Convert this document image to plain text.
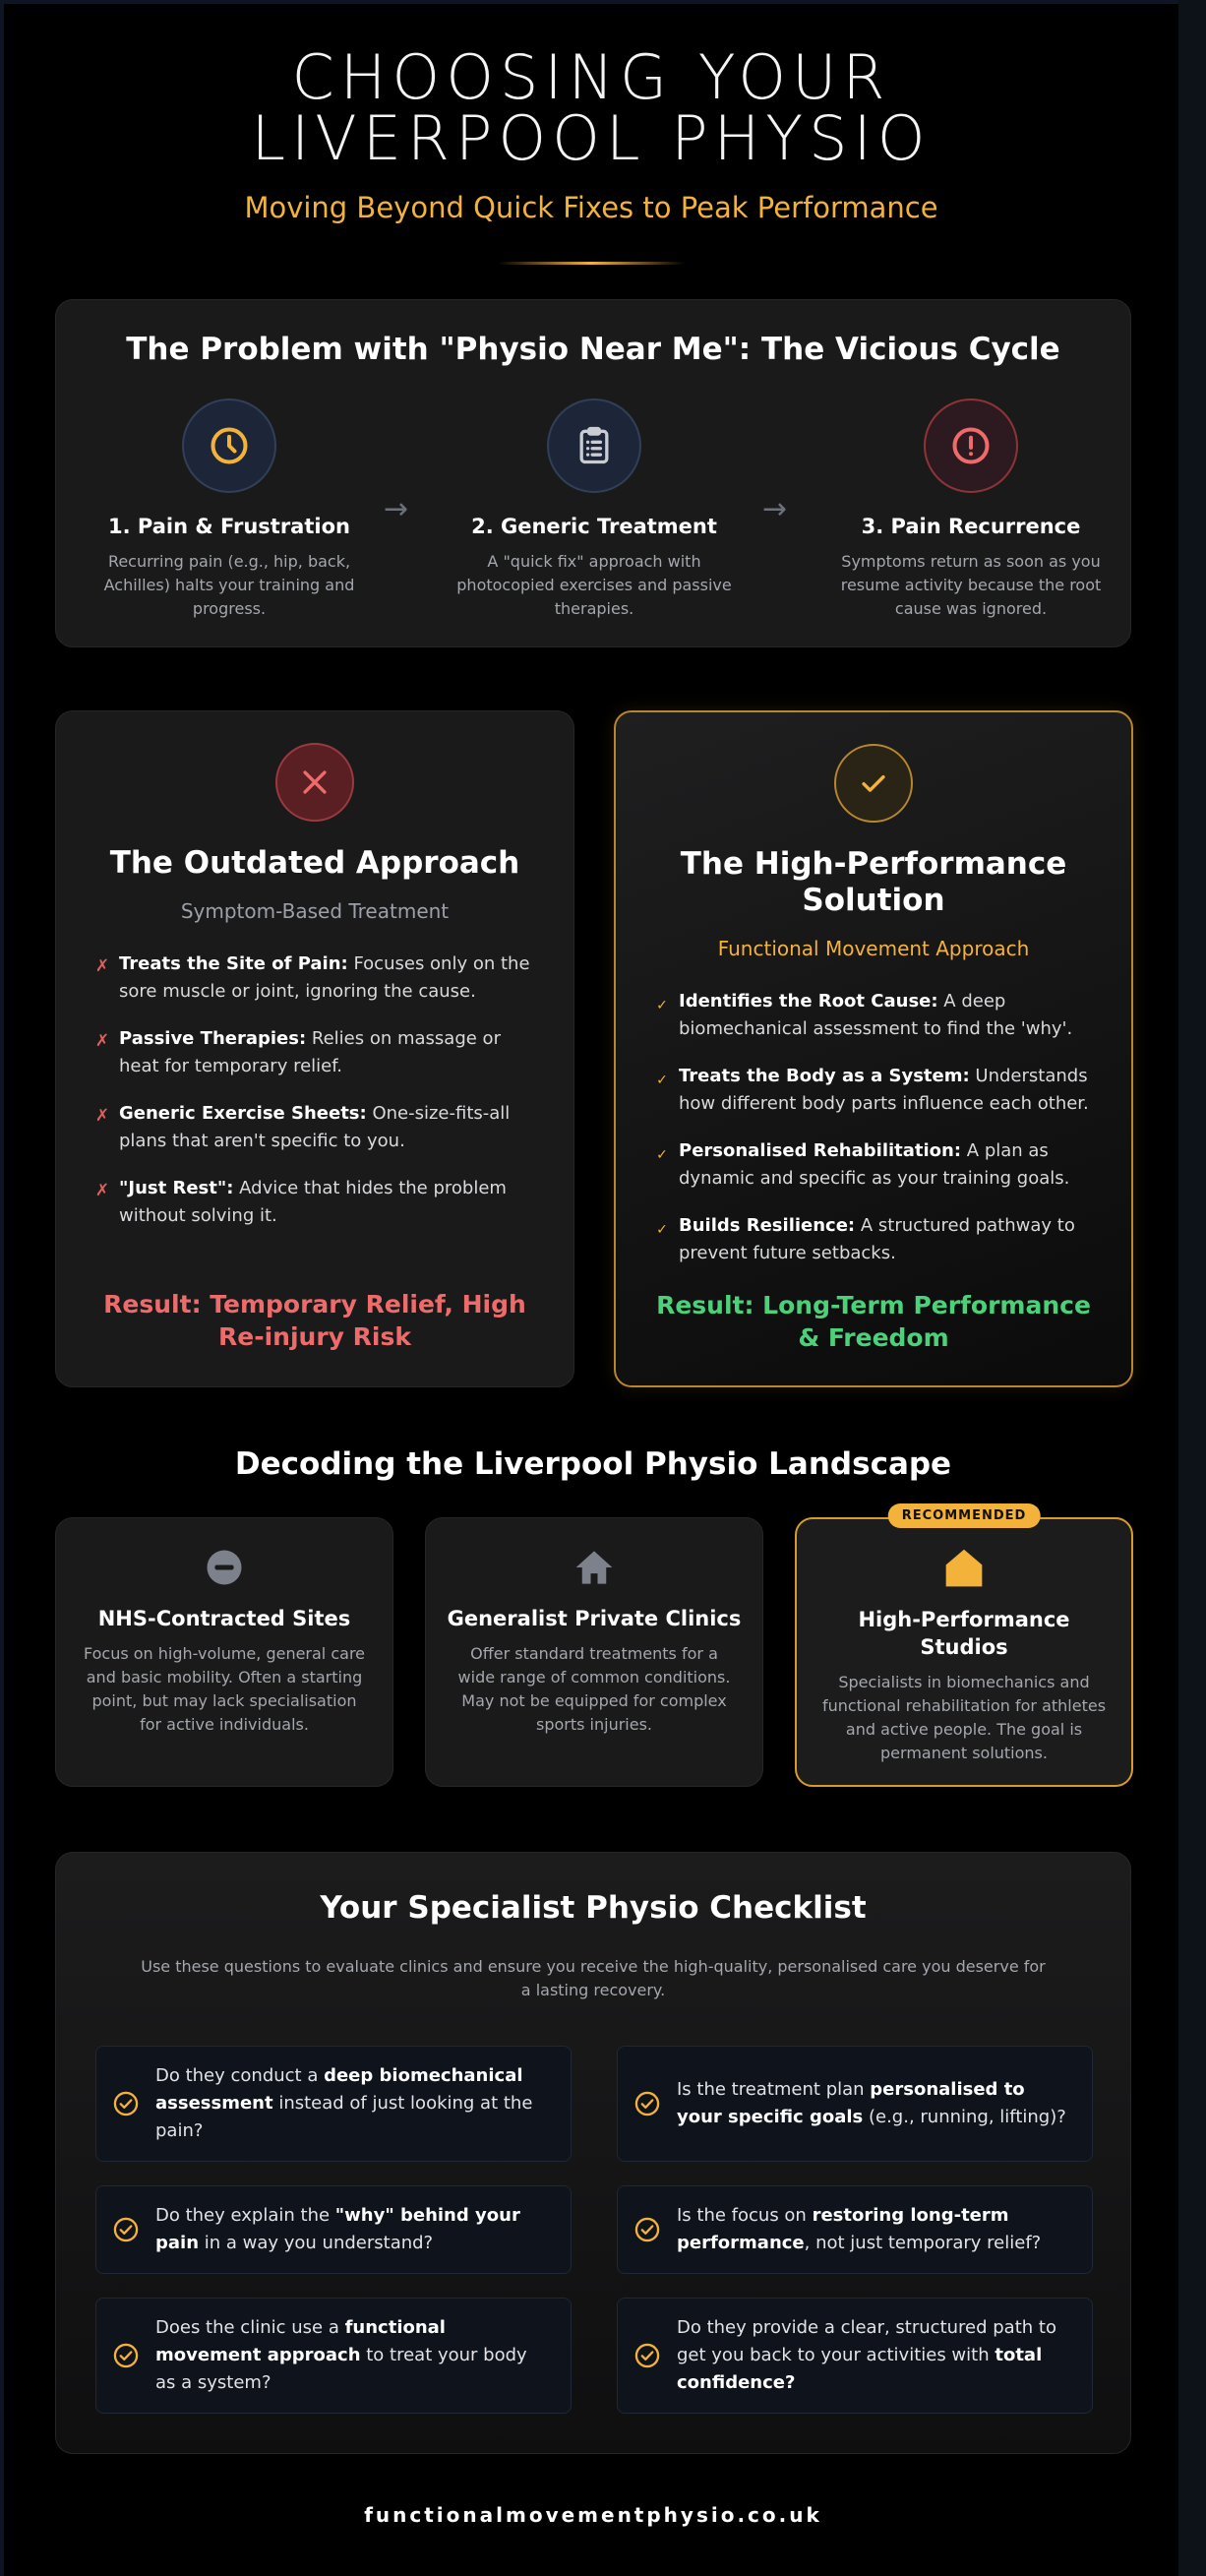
CHOOSING YOUR LIVERPOOL PHYSIO
Moving Beyond Quick Fixes to Peak Performance
The Problem with "Physio Near Me": The Vicious Cycle
1. Pain & Frustration
Recurring pain (e.g., hip, back, Achilles) halts your training and progress.
→	2. Generic Treatment
A "quick fix" approach with photocopied exercises and passive therapies.
→	3. Pain Recurrence
Symptoms return as soon as you resume activity because the root cause was ignored.
The Outdated Approach
Symptom-Based Treatment
✗ Treats the Site of Pain: Focuses only on the sore muscle or joint, ignoring the cause.
✗ Passive Therapies: Relies on massage or heat for temporary relief.
✗ Generic Exercise Sheets: One-size-fits-all plans that aren't specific to you.
✗ "Just Rest": Advice that hides the problem without solving it.
Result: Temporary Relief, High Re-injury Risk
The High-Performance Solution
Functional Movement Approach
✓ Identifies the Root Cause: A deep biomechanical assessment to find the 'why'.
✓ Treats the Body as a System: Understands how different body parts influence each other.
✓ Personalised Rehabilitation: A plan as dynamic and specific as your training goals.
✓ Builds Resilience: A structured pathway to prevent future setbacks.
Result: Long-Term Performance & Freedom
Decoding the Liverpool Physio Landscape
NHS-Contracted Sites
Focus on high-volume, general care and basic mobility. Often a starting point, but may lack specialisation for active individuals.
Generalist Private Clinics
Offer standard treatments for a wide range of common conditions. May not be equipped for complex sports injuries.
RECOMMENDED
High-Performance Studios
Specialists in biomechanics and functional rehabilitation for athletes and active people. The goal is permanent solutions.
Your Specialist Physio Checklist
Use these questions to evaluate clinics and ensure you receive the high-quality, personalised care you deserve for a lasting recovery.
Do they conduct a deep biomechanical assessment instead of just looking at the pain?
Is the treatment plan personalised to your specific goals (e.g., running, lifting)?
Do they explain the "why" behind your pain in a way you understand?
Is the focus on restoring long-term performance, not just temporary relief?
Does the clinic use a functional movement approach to treat your body as a system?
Do they provide a clear, structured path to get you back to your activities with total confidence?
functionalmovementphysio.co.uk
